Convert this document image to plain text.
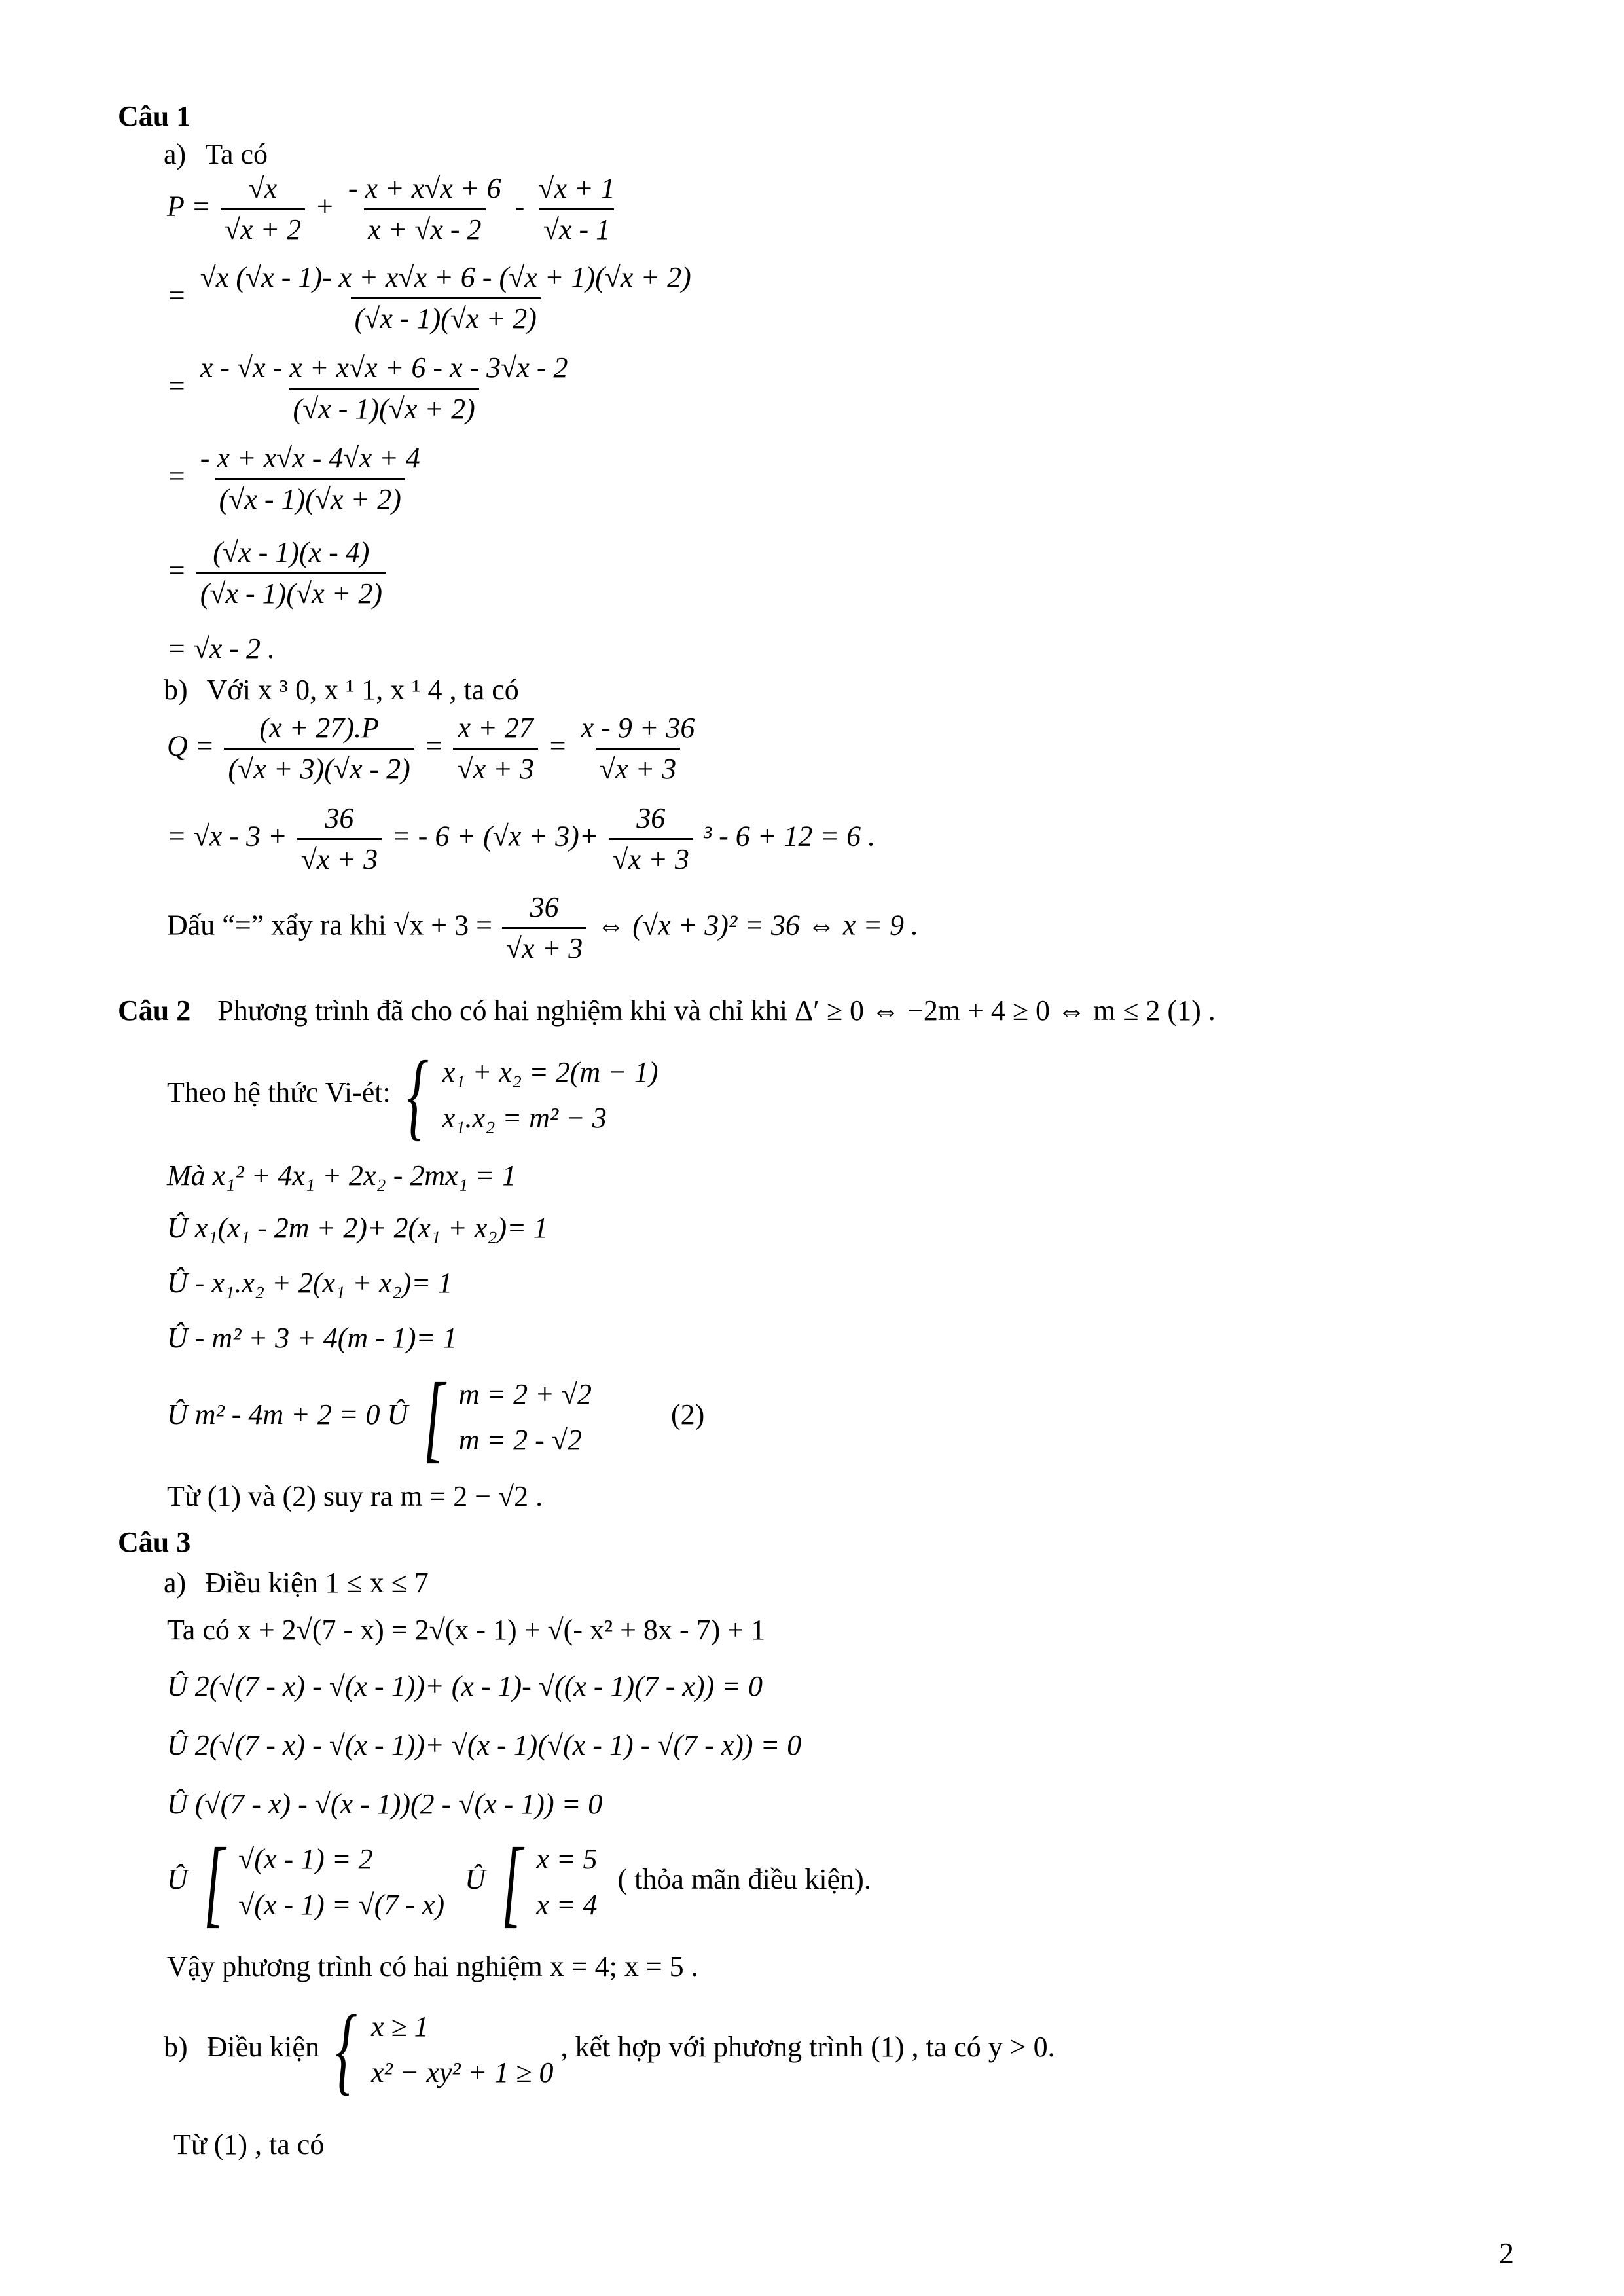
Câu 1
a) Ta có
$P = \frac{√x}{√x + 2} + \frac{- x + x√x + 6}{x + √x - 2} - \frac{√x + 1}{√x - 1}$
= $\frac{√x (√x - 1)- x + x√x + 6 - (√x + 1)(√x + 2)}{(√x - 1)(√x + 2)}$
= $\frac{x - √x - x + x√x + 6 - x - 3√x - 2}{(√x - 1)(√x + 2)}$
= $\frac{- x + x√x - 4√x + 4}{(√x - 1)(√x + 2)}$
= $\frac{(√x - 1)(x - 4)}{(√x - 1)(√x + 2)}$
= √x - 2 .
b) Với x ³ 0, x ¹ 1, x ¹ 4 , ta có
$Q = \frac{(x + 27).P}{(√x + 3)(√x - 2)} = \frac{x + 27}{√x + 3} = \frac{x - 9 + 36}{√x + 3}$
= $√x - 3 + \frac{36}{√x + 3}$ = - $6 + (√x + 3)+ \frac{36}{√x + 3} ^3 - 6 + 12 = 6$ .
Dấu “=” xẩy ra khi $√x + 3 = \frac{36}{√x + 3}$ ⇔ (√x + 3)² = 36 ⇔ x = 9 .
Câu 2 Phương trình đã cho có hai nghiệm khi và chỉ khi Δ′ ≥ 0 ⇔ −2m + 4 ≥ 0 ⇔ m ≤ 2 (1) .
Theo hệ thức Vi-ét: { x₁ + x₂ = 2(m − 1)
x₁.x₂ = m² − 3
Mà x₁² + 4x₁ + 2x₂ - 2mx₁ = 1
Û x₁(x₁ - 2m + 2)+ 2(x₁ + x₂)= 1
Û - x₁.x₂ + 2(x₁ + x₂)= 1
Û - m² + 3 + 4(m - 1)= 1
Û m² - 4m + 2 = 0 Û [ m = 2 + √2
m = 2 - √2
(2)
Từ (1) và (2) suy ra m = 2 − √2 .
Câu 3
a) Điều kiện 1 ≤ x ≤ 7
Ta có x + 2√(7 - x) = 2√(x - 1) + √(- x² + 8x - 7) + 1
Û 2(√(7 - x) - √(x - 1))+ (x - 1)- √((x - 1)(7 - x)) = 0
Û 2(√(7 - x) - √(x - 1))+ √(x - 1)(√(x - 1) - √(7 - x)) = 0
Û (√(7 - x) - √(x - 1))(2 - √(x - 1)) = 0
Û [ √(x - 1) = 2
√(x - 1) = √(7 - x)
Û [ x = 5
x = 4
( thỏa mãn điều kiện).
Vậy phương trình có hai nghiệm x = 4; x = 5 .
b) Điều kiện { x ≥ 1
x² − xy² + 1 ≥ 0
, kết hợp với phương trình (1) , ta có y > 0.
Từ (1) , ta có
2
